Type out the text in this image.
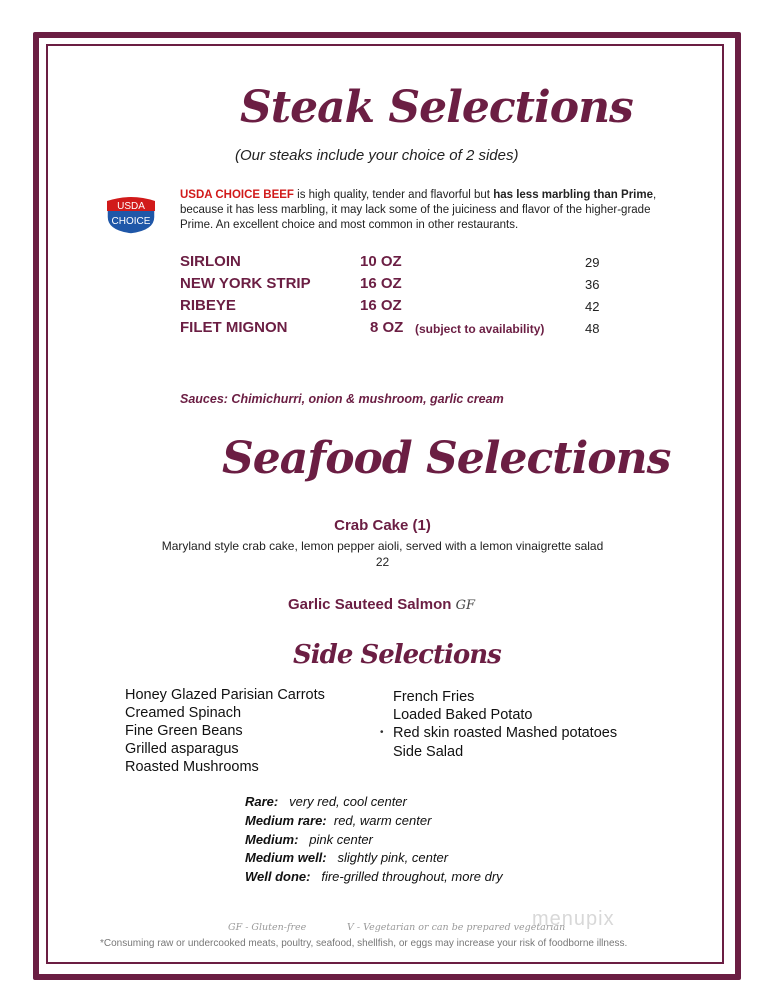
Steak Selections
(Our steaks include your choice of 2 sides)
USDA
CHOICE
USDA CHOICE BEEF is high quality, tender and flavorful but has less marbling than Prime, because it has less marbling, it may lack some of the juiciness and flavor of the higher-grade Prime. An excellent choice and most common in other restaurants.
SIRLOIN	10 OZ	29
NEW YORK STRIP	16 OZ	36
RIBEYE	16 OZ	42
FILET MIGNON	8 OZ (subject to availability)	48
Sauces: Chimichurri, onion & mushroom, garlic cream
Seafood Selections
Crab Cake (1)
Maryland style crab cake, lemon pepper aioli, served with a lemon vinaigrette salad
22
Garlic Sauteed Salmon GF
Side Selections
Honey Glazed Parisian Carrots
Creamed Spinach
Fine Green Beans
Grilled asparagus
Roasted Mushrooms
French Fries
Loaded Baked Potato
• Red skin roasted Mashed potatoes
Side Salad
Rare: very red, cool center
Medium rare: red, warm center
Medium: pink center
Medium well: slightly pink, center
Well done: fire-grilled throughout, more dry
GF - Gluten-free	V - Vegetarian or can be prepared vegetarian
menupix
*Consuming raw or undercooked meats, poultry, seafood, shellfish, or eggs may increase your risk of foodborne illness.
